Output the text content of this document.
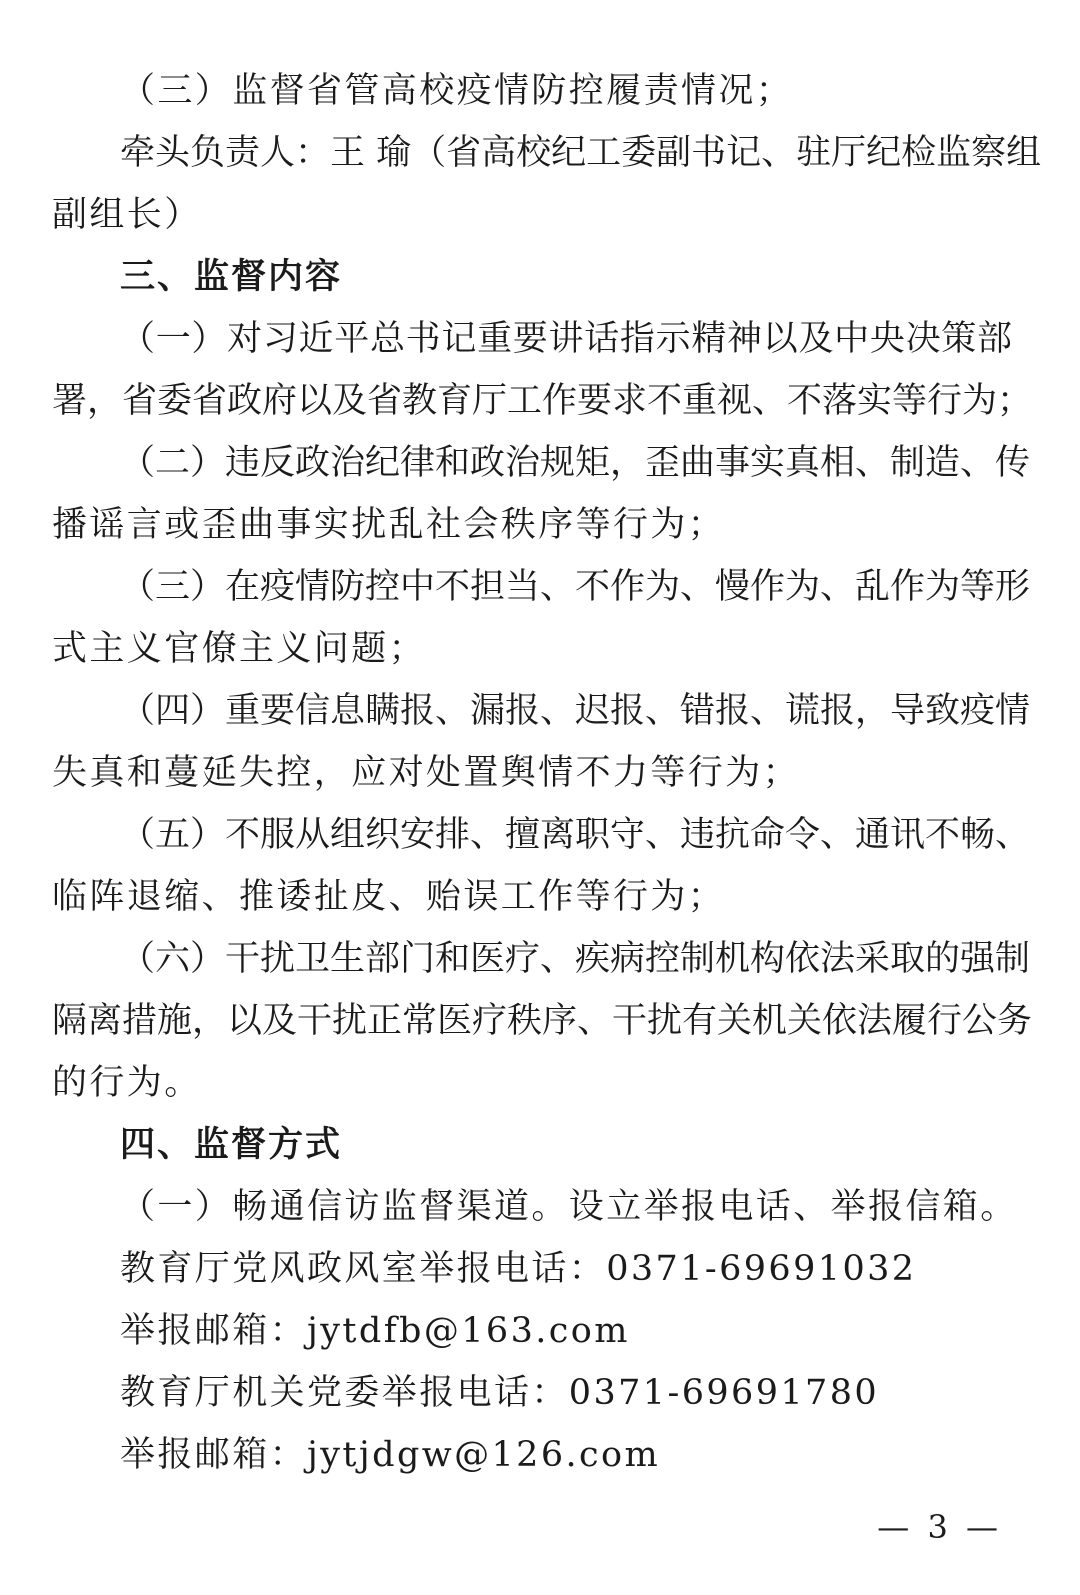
（三）监督省管高校疫情防控履责情况；
牵头负责人：王 瑜（省高校纪工委副书记、驻厅纪检监察组
副组长）
三、监督内容
（一）对习近平总书记重要讲话指示精神以及中央决策部
署，省委省政府以及省教育厅工作要求不重视、不落实等行为；
（二）违反政治纪律和政治规矩，歪曲事实真相、制造、传
播谣言或歪曲事实扰乱社会秩序等行为；
（三）在疫情防控中不担当、不作为、慢作为、乱作为等形
式主义官僚主义问题；
（四）重要信息瞒报、漏报、迟报、错报、谎报，导致疫情
失真和蔓延失控，应对处置舆情不力等行为；
（五）不服从组织安排、擅离职守、违抗命令、通讯不畅、
临阵退缩、推诿扯皮、贻误工作等行为；
（六）干扰卫生部门和医疗、疾病控制机构依法采取的强制
隔离措施，以及干扰正常医疗秩序、干扰有关机关依法履行公务
的行为。
四、监督方式
（一）畅通信访监督渠道。设立举报电话、举报信箱。
教育厅党风政风室举报电话：0371-69691032
举报邮箱：jytdfb@163.com
教育厅机关党委举报电话：0371-69691780
举报邮箱：jytjdgw@126.com
— 3 —
